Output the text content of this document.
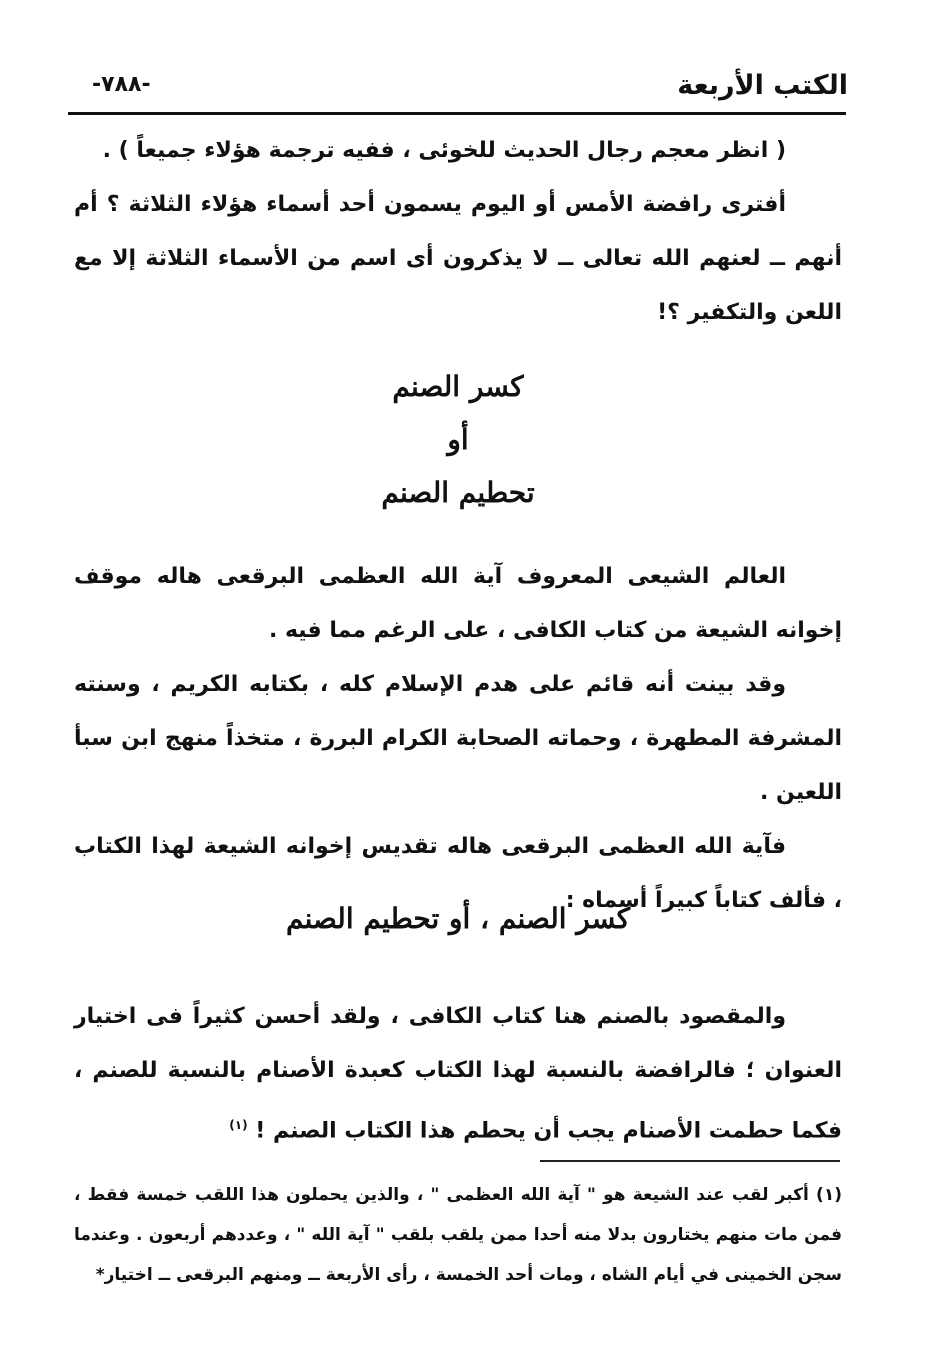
الكتب الأربعة
-٧٨٨-

( انظر معجم رجال الحديث للخوئى ، ففيه ترجمة هؤلاء جميعاً ) .

أفترى رافضة الأمس أو اليوم يسمون أحد أسماء هؤلاء الثلاثة ؟ أم أنهم ــ لعنهم الله تعالى ــ لا يذكرون أى اسم من الأسماء الثلاثة إلا مع اللعن والتكفير ؟!

كسر الصنم
أو
تحطيم الصنم

العالم الشيعى المعروف آية الله العظمى البرقعى هاله موقف إخوانه الشيعة من كتاب الكافى ، على الرغم مما فيه .

وقد بينت أنه قائم على هدم الإسلام كله ، بكتابه الكريم ، وسنته المشرفة المطهرة ، وحماته الصحابة الكرام البررة ، متخذاً منهج ابن سبأ اللعين .

فآية الله العظمى البرقعى هاله تقديس إخوانه الشيعة لهذا الكتاب ، فألف كتاباً كبيراً أسماه :

كسر الصنم ، أو تحطيم الصنم

والمقصود بالصنم هنا كتاب الكافى ، ولقد أحسن كثيراً فى اختيار العنوان ؛ فالرافضة بالنسبة لهذا الكتاب كعبدة الأصنام بالنسبة للصنم ، فكما حطمت الأصنام يجب أن يحطم هذا الكتاب الصنم ! $^{(١)}$

(١) أكبر لقب عند الشيعة هو " آية الله العظمى " ، والذين يحملون هذا اللقب خمسة فقط ، فمن مات منهم يختارون بدلا منه أحدا ممن يلقب بلقب " آية الله " ، وعددهم أربعون . وعندما سجن الخمينى في أيام الشاه ، ومات أحد الخمسة ، رأى الأربعة ــ ومنهم البرقعى ــ اختيار*
